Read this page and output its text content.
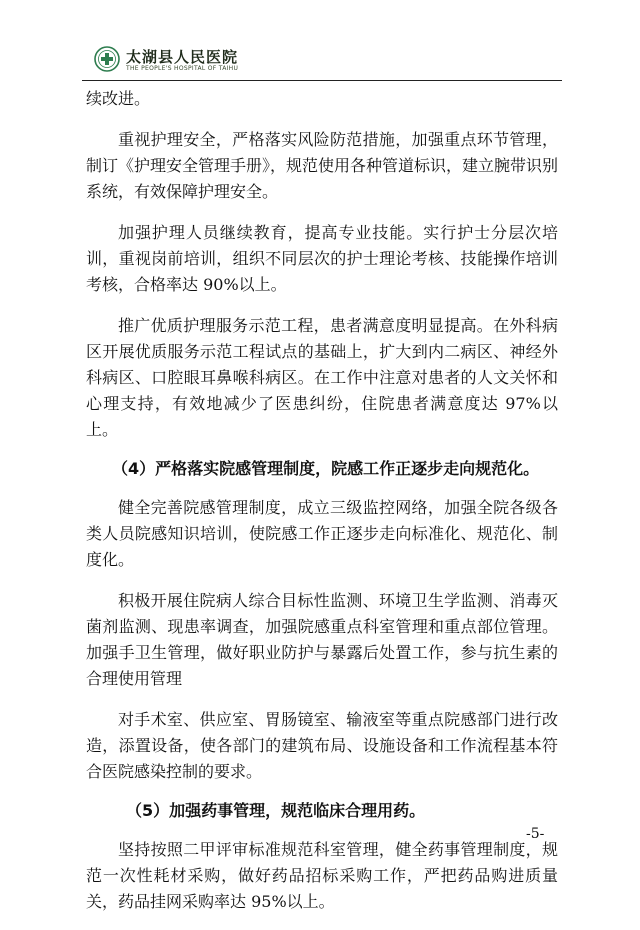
太湖县人民医院
THE PEOPLE'S HOSPITAL OF TAIHU

续改进。

重视护理安全，严格落实风险防范措施，加强重点环节管理，制订《护理安全管理手册》，规范使用各种管道标识，建立腕带识别系统，有效保障护理安全。

加强护理人员继续教育，提高专业技能。实行护士分层次培训，重视岗前培训，组织不同层次的护士理论考核、技能操作培训考核，合格率达 90%以上。

推广优质护理服务示范工程，患者满意度明显提高。在外科病区开展优质服务示范工程试点的基础上，扩大到内二病区、神经外科病区、口腔眼耳鼻喉科病区。在工作中注意对患者的人文关怀和心理支持，有效地减少了医患纠纷，住院患者满意度达 97%以上。

（4）严格落实院感管理制度，院感工作正逐步走向规范化。

健全完善院感管理制度，成立三级监控网络，加强全院各级各类人员院感知识培训，使院感工作正逐步走向标准化、规范化、制度化。

积极开展住院病人综合目标性监测、环境卫生学监测、消毒灭菌剂监测、现患率调查，加强院感重点科室管理和重点部位管理。加强手卫生管理，做好职业防护与暴露后处置工作，参与抗生素的合理使用管理

对手术室、供应室、胃肠镜室、输液室等重点院感部门进行改造，添置设备，使各部门的建筑布局、设施设备和工作流程基本符合医院感染控制的要求。

（5）加强药事管理，规范临床合理用药。

坚持按照二甲评审标准规范科室管理，健全药事管理制度，规范一次性耗材采购，做好药品招标采购工作，严把药品购进质量关，药品挂网采购率达 95%以上。

-5-
